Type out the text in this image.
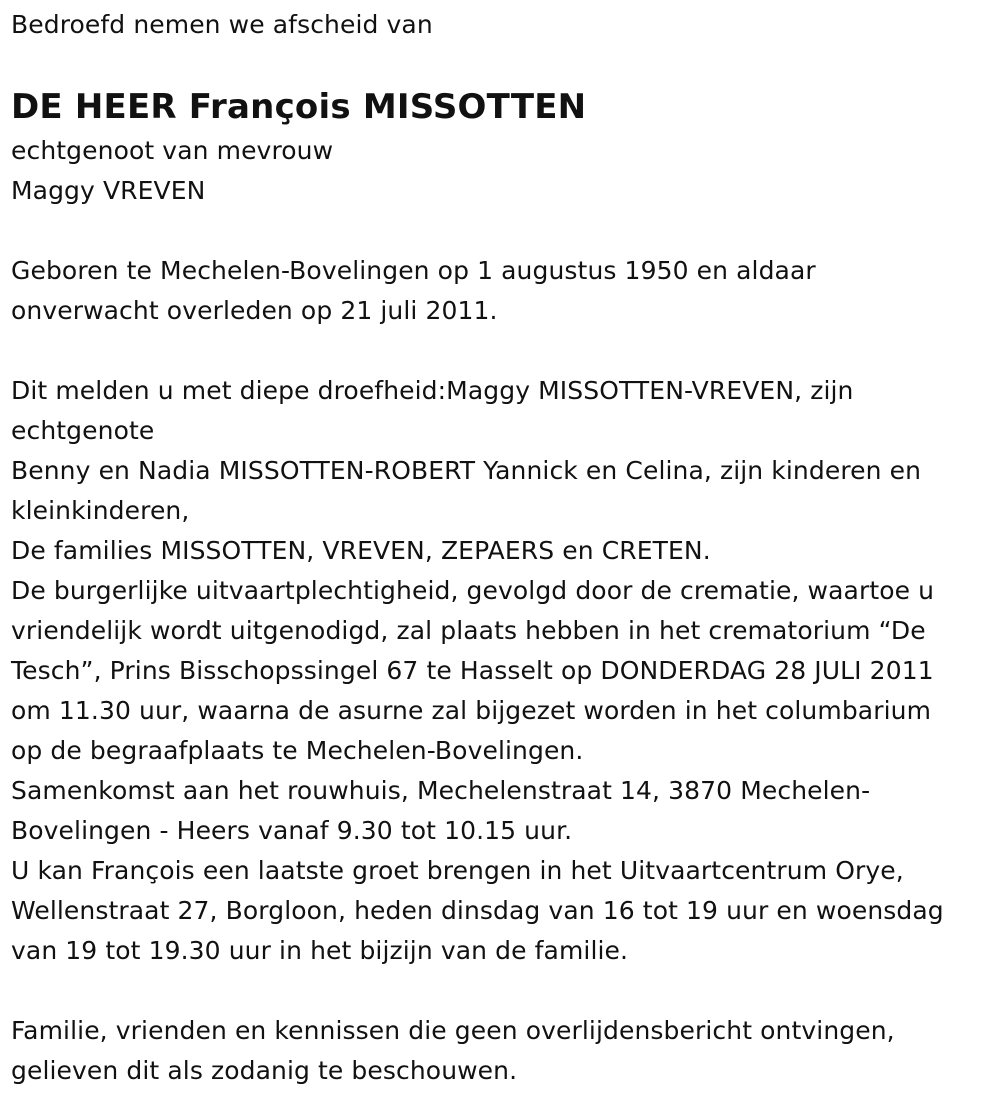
Bedroefd nemen we afscheid van

DE HEER François MISSOTTEN

echtgenoot van mevrouw

Maggy VREVEN

Geboren te Mechelen-Bovelingen op 1 augustus 1950 en aldaar

onverwacht overleden op 21 juli 2011.

Dit melden u met diepe droefheid:Maggy MISSOTTEN-VREVEN, zijn

echtgenote

Benny en Nadia MISSOTTEN-ROBERT Yannick en Celina, zijn kinderen en

kleinkinderen,

De families MISSOTTEN, VREVEN, ZEPAERS en CRETEN.

De burgerlijke uitvaartplechtigheid, gevolgd door de crematie, waartoe u

vriendelijk wordt uitgenodigd, zal plaats hebben in het crematorium “De

Tesch”, Prins Bisschopssingel 67 te Hasselt op DONDERDAG 28 JULI 2011

om 11.30 uur, waarna de asurne zal bijgezet worden in het columbarium

op de begraafplaats te Mechelen-Bovelingen.

Samenkomst aan het rouwhuis, Mechelenstraat 14, 3870 Mechelen-

Bovelingen - Heers vanaf 9.30 tot 10.15 uur.

U kan François een laatste groet brengen in het Uitvaartcentrum Orye,

Wellenstraat 27, Borgloon, heden dinsdag van 16 tot 19 uur en woensdag

van 19 tot 19.30 uur in het bijzijn van de familie.

Familie, vrienden en kennissen die geen overlijdensbericht ontvingen,

gelieven dit als zodanig te beschouwen.
